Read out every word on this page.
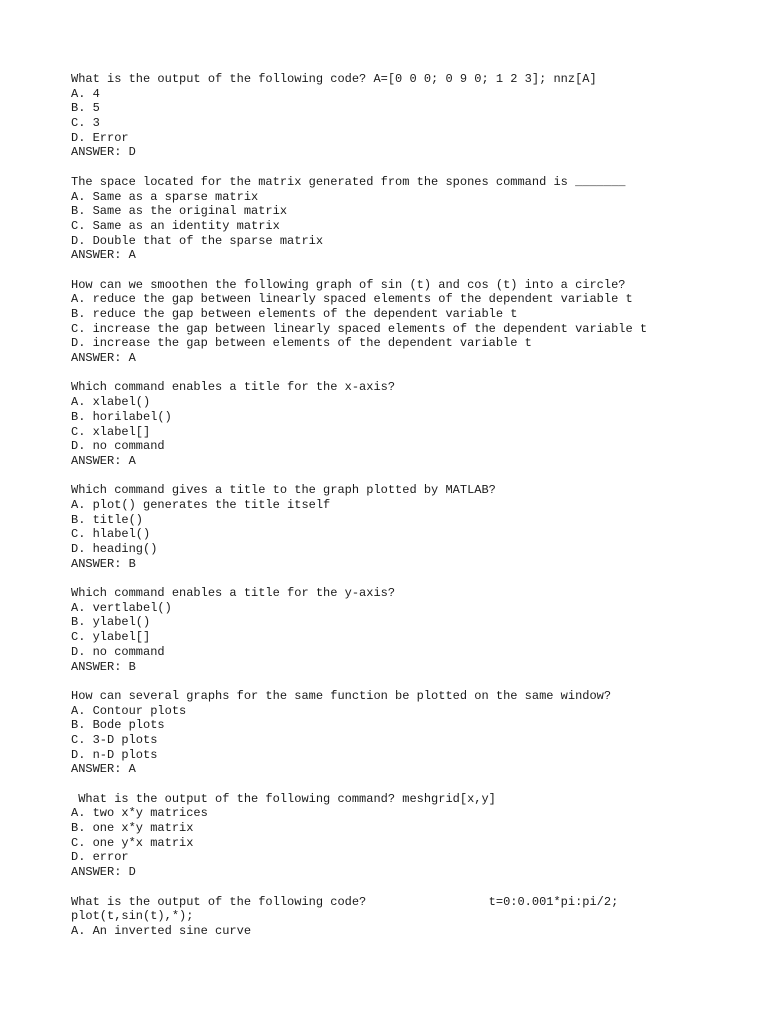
What is the output of the following code? A=[0 0 0; 0 9 0; 1 2 3]; nnz[A]
A. 4
B. 5
C. 3
D. Error
ANSWER: D
The space located for the matrix generated from the spones command is _______
A. Same as a sparse matrix
B. Same as the original matrix
C. Same as an identity matrix
D. Double that of the sparse matrix
ANSWER: A
How can we smoothen the following graph of sin (t) and cos (t) into a circle?
A. reduce the gap between linearly spaced elements of the dependent variable t
B. reduce the gap between elements of the dependent variable t
C. increase the gap between linearly spaced elements of the dependent variable t
D. increase the gap between elements of the dependent variable t
ANSWER: A
Which command enables a title for the x-axis?
A. xlabel()
B. horilabel()
C. xlabel[]
D. no command
ANSWER: A
Which command gives a title to the graph plotted by MATLAB?
A. plot() generates the title itself
B. title()
C. hlabel()
D. heading()
ANSWER: B
Which command enables a title for the y-axis?
A. vertlabel()
B. ylabel()
C. ylabel[]
D. no command
ANSWER: B
How can several graphs for the same function be plotted on the same window?
A. Contour plots
B. Bode plots
C. 3-D plots
D. n-D plots
ANSWER: A
What is the output of the following command? meshgrid[x,y]
A. two x*y matrices
B. one x*y matrix
C. one y*x matrix
D. error
ANSWER: D
What is the output of the following code?                 t=0:0.001*pi:pi/2;
plot(t,sin(t),*);
A. An inverted sine curve
